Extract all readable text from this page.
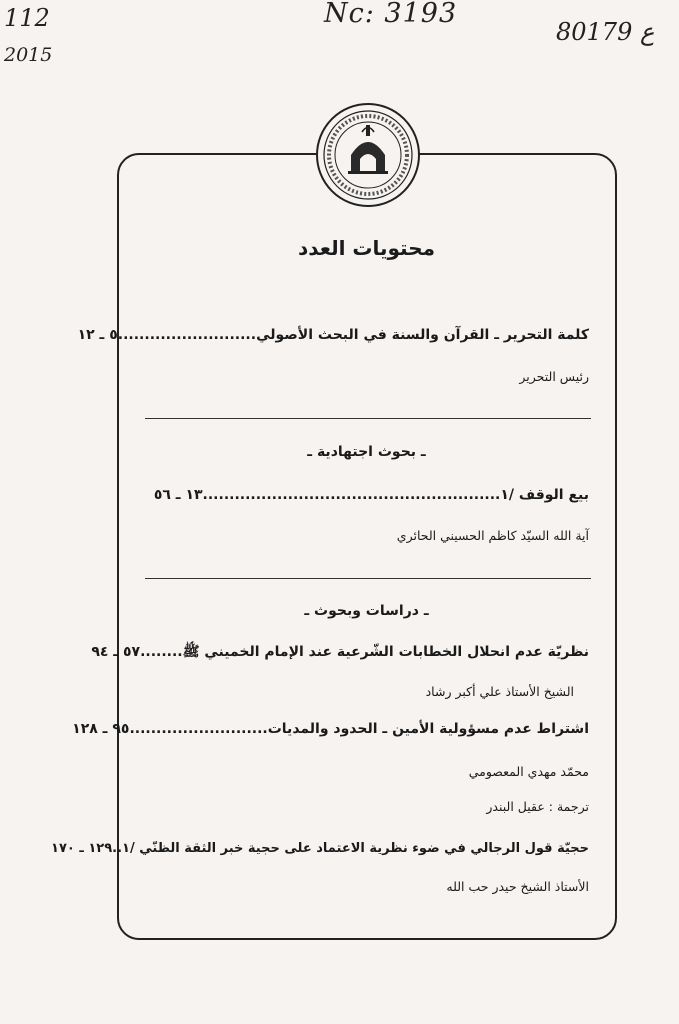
112
2015
Nc: 3193
80179 ع
محتويات العدد
كلمة التحرير ـ القرآن والسنة في البحث الأصولي..........................٥ ـ ١٢
رئيس التحرير
ـ بحوث اجتهادية ـ
بيع الوقف /١........................................................١٣ ـ ٥٦
آية الله السيّد كاظم الحسيني الحائري
ـ دراسات وبحوث ـ
نظريّة عدم انحلال الخطابات الشّرعية عند الإمام الخميني ﷺ........٥٧ ـ ٩٤
الشيخ الأستاذ علي أكبر رشاد
اشتراط عدم مسؤولية الأمين ـ الحدود والمديات..........................٩٥ ـ ١٢٨
محمّد مهدي المعصومي
ترجمة : عقيل البندر
حجيّة قول الرجالي في ضوء نظرية الاعتماد على حجية خبر الثقة الظنّي /١..١٢٩ ـ ١٧٠
الأستاذ الشيخ حيدر حب الله
